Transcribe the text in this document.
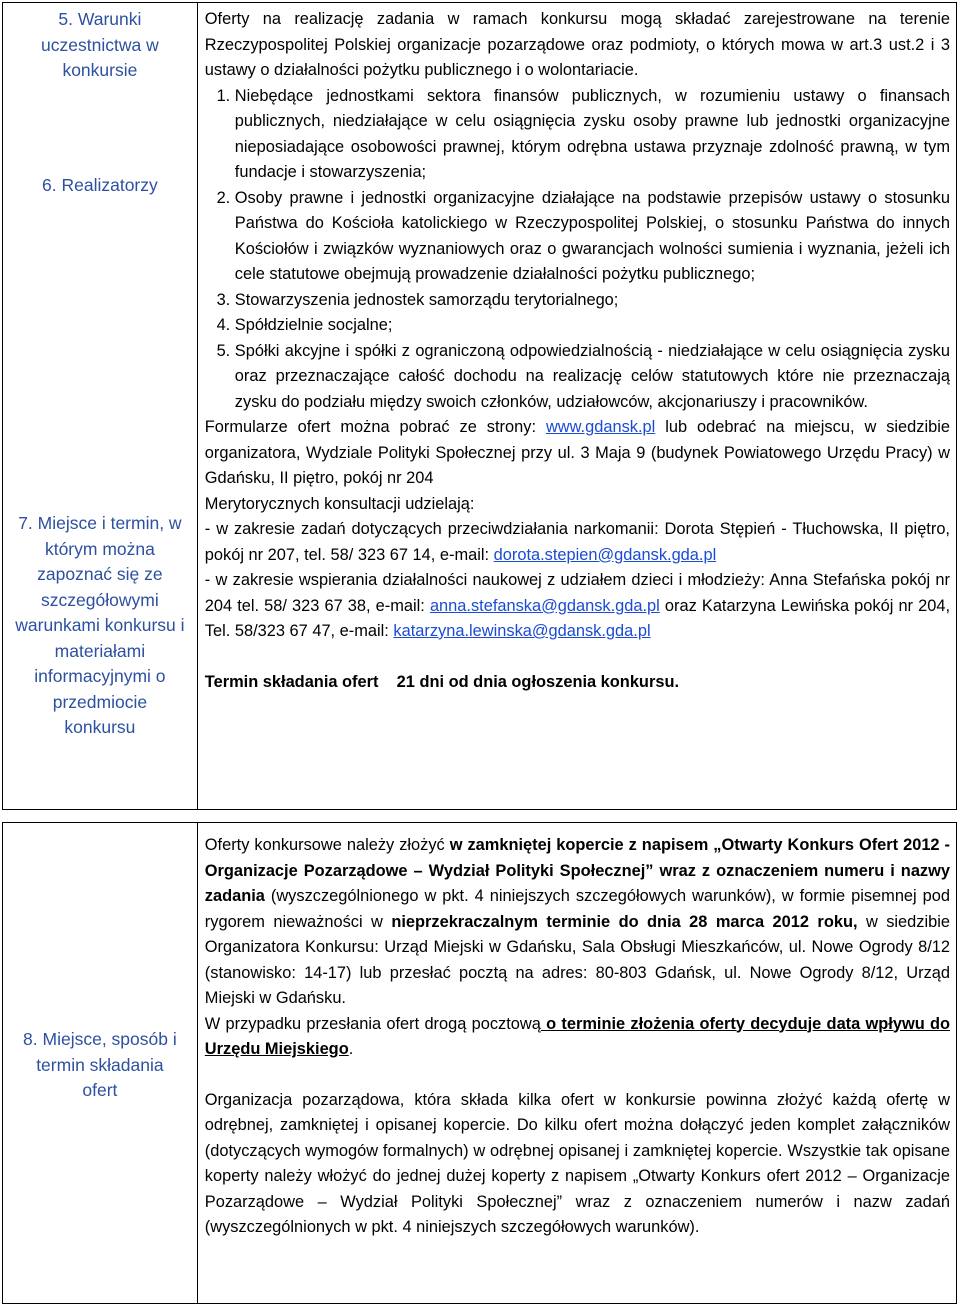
5. Warunki uczestnictwa w konkursie
6. Realizatorzy
7. Miejsce i termin, w którym można zapoznać się ze szczegółowymi warunkami konkursu i materiałami informacyjnymi o przedmiocie konkursu

Oferty na realizację zadania w ramach konkursu mogą składać zarejestrowane na terenie Rzeczypospolitej Polskiej organizacje pozarządowe oraz podmioty, o których mowa w art.3 ust.2 i 3 ustawy o działalności pożytku publicznego i o wolontariacie.

1. Niebędące jednostkami sektora finansów publicznych, w rozumieniu ustawy o finansach publicznych, niedziałające w celu osiągnięcia zysku osoby prawne lub jednostki organizacyjne nieposiadające osobowości prawnej, którym odrębna ustawa przyznaje zdolność prawną, w tym fundacje i stowarzyszenia;
2. Osoby prawne i jednostki organizacyjne działające na podstawie przepisów ustawy o stosunku Państwa do Kościoła katolickiego w Rzeczypospolitej Polskiej, o stosunku Państwa do innych Kościołów i związków wyznaniowych oraz o gwarancjach wolności sumienia i wyznania, jeżeli ich cele statutowe obejmują prowadzenie działalności pożytku publicznego;
3. Stowarzyszenia jednostek samorządu terytorialnego;
4. Spółdzielnie socjalne;
5. Spółki akcyjne i spółki z ograniczoną odpowiedzialnością - niedziałające w celu osiągnięcia zysku oraz przeznaczające całość dochodu na realizację celów statutowych które nie przeznaczają zysku do podziału między swoich członków, udziałowców, akcjonariuszy i pracowników.

Formularze ofert można pobrać ze strony: www.gdansk.pl lub odebrać na miejscu, w siedzibie organizatora, Wydziale Polityki Społecznej przy ul. 3 Maja 9 (budynek Powiatowego Urzędu Pracy) w Gdańsku, II piętro, pokój nr 204

Merytorycznych konsultacji udzielają:

- w zakresie zadań dotyczących przeciwdziałania narkomanii: Dorota Stępień - Tłuchowska, II piętro, pokój nr 207, tel. 58/ 323 67 14, e-mail: dorota.stepien@gdansk.gda.pl

- w zakresie wspierania działalności naukowej z udziałem dzieci i młodzieży: Anna Stefańska pokój nr 204 tel. 58/ 323 67 38, e-mail: anna.stefanska@gdansk.gda.pl oraz Katarzyna Lewińska pokój nr 204, Tel. 58/323 67 47, e-mail: katarzyna.lewinska@gdansk.gda.pl

Termin składania ofert    21 dni od dnia ogłoszenia konkursu.

8. Miejsce, sposób i termin składania ofert

Oferty konkursowe należy złożyć w zamkniętej kopercie z napisem „Otwarty Konkurs Ofert 2012 - Organizacje Pozarządowe – Wydział Polityki Społecznej” wraz z oznaczeniem numeru i nazwy zadania (wyszczególnionego w pkt. 4 niniejszych szczegółowych warunków), w formie pisemnej pod rygorem nieważności w nieprzekraczalnym terminie do dnia 28 marca 2012 roku, w siedzibie Organizatora Konkursu: Urząd Miejski w Gdańsku, Sala Obsługi Mieszkańców, ul. Nowe Ogrody 8/12 (stanowisko: 14-17) lub przesłać pocztą na adres: 80-803 Gdańsk, ul. Nowe Ogrody 8/12, Urząd Miejski w Gdańsku.

W przypadku przesłania ofert drogą pocztową o terminie złożenia oferty decyduje data wpływu do Urzędu Miejskiego.

Organizacja pozarządowa, która składa kilka ofert w konkursie powinna złożyć każdą ofertę w odrębnej, zamkniętej i opisanej kopercie. Do kilku ofert można dołączyć jeden komplet załączników (dotyczących wymogów formalnych) w odrębnej opisanej i zamkniętej kopercie. Wszystkie tak opisane koperty należy włożyć do jednej dużej koperty z napisem „Otwarty Konkurs ofert 2012 – Organizacje Pozarządowe – Wydział Polityki Społecznej” wraz z oznaczeniem numerów i nazw zadań (wyszczególnionych w pkt. 4 niniejszych szczegółowych warunków).
